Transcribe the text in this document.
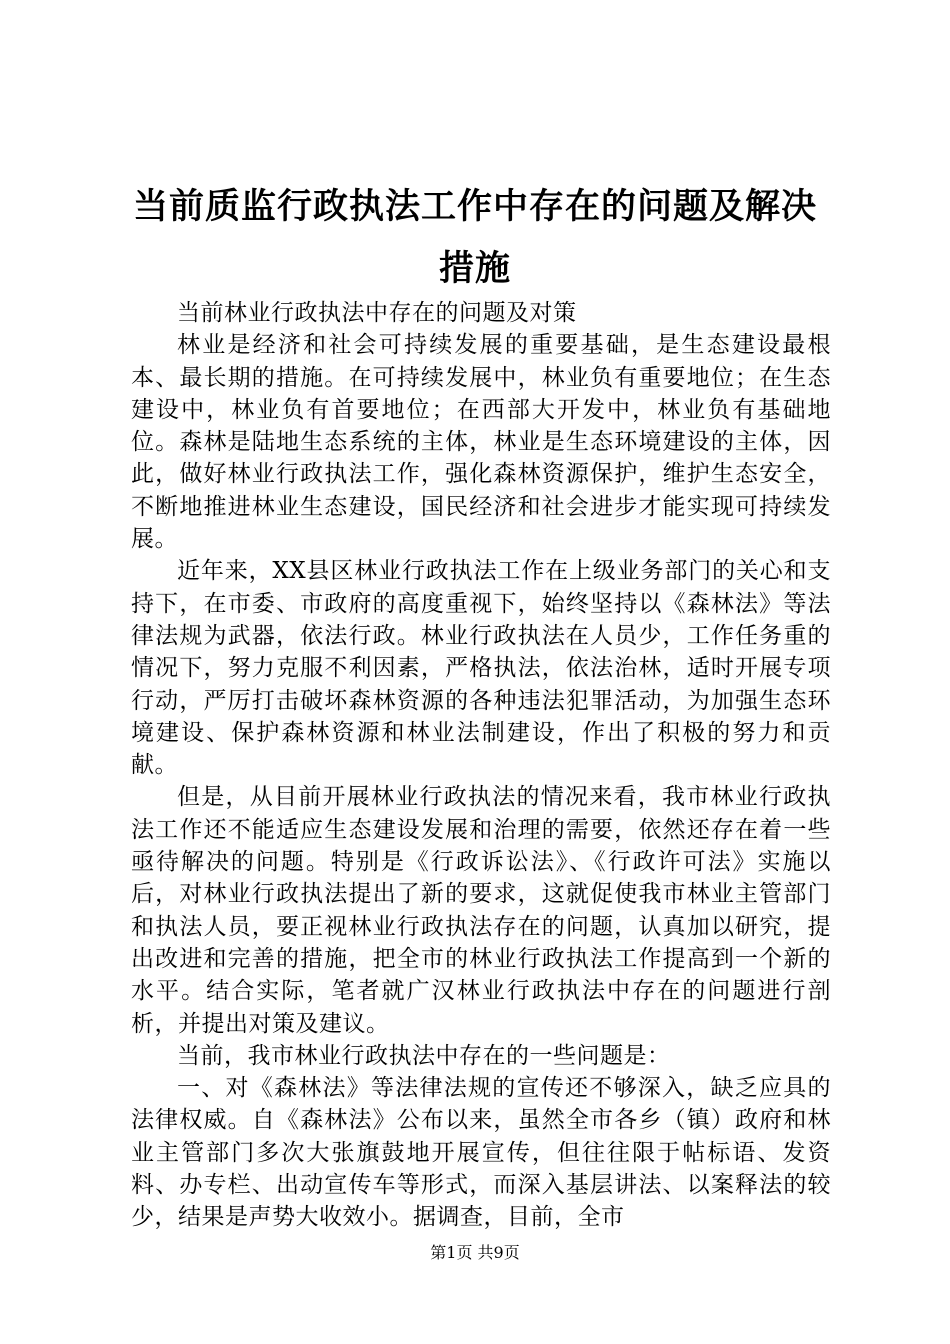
当前质监行政执法工作中存在的问题及解决措施

当前林业行政执法中存在的问题及对策

林业是经济和社会可持续发展的重要基础，是生态建设最根本、最长期的措施。在可持续发展中，林业负有重要地位；在生态建设中，林业负有首要地位；在西部大开发中，林业负有基础地位。森林是陆地生态系统的主体，林业是生态环境建设的主体，因此，做好林业行政执法工作，强化森林资源保护，维护生态安全，不断地推进林业生态建设，国民经济和社会进步才能实现可持续发展。

近年来，XX县区林业行政执法工作在上级业务部门的关心和支持下，在市委、市政府的高度重视下，始终坚持以《森林法》等法律法规为武器，依法行政。林业行政执法在人员少，工作任务重的情况下，努力克服不利因素，严格执法，依法治林，适时开展专项行动，严厉打击破坏森林资源的各种违法犯罪活动，为加强生态环境建设、保护森林资源和林业法制建设，作出了积极的努力和贡献。

但是，从目前开展林业行政执法的情况来看，我市林业行政执法工作还不能适应生态建设发展和治理的需要，依然还存在着一些亟待解决的问题。特别是《行政诉讼法》、《行政许可法》实施以后，对林业行政执法提出了新的要求，这就促使我市林业主管部门和执法人员，要正视林业行政执法存在的问题，认真加以研究，提出改进和完善的措施，把全市的林业行政执法工作提高到一个新的水平。结合实际，笔者就广汉林业行政执法中存在的问题进行剖析，并提出对策及建议。

当前，我市林业行政执法中存在的一些问题是：

一、对《森林法》等法律法规的宣传还不够深入，缺乏应具的法律权威。自《森林法》公布以来，虽然全市各乡（镇）政府和林业主管部门多次大张旗鼓地开展宣传，但往往限于帖标语、发资料、办专栏、出动宣传车等形式，而深入基层讲法、以案释法的较少，结果是声势大收效小。据调查，目前，全市

第1页 共9页
